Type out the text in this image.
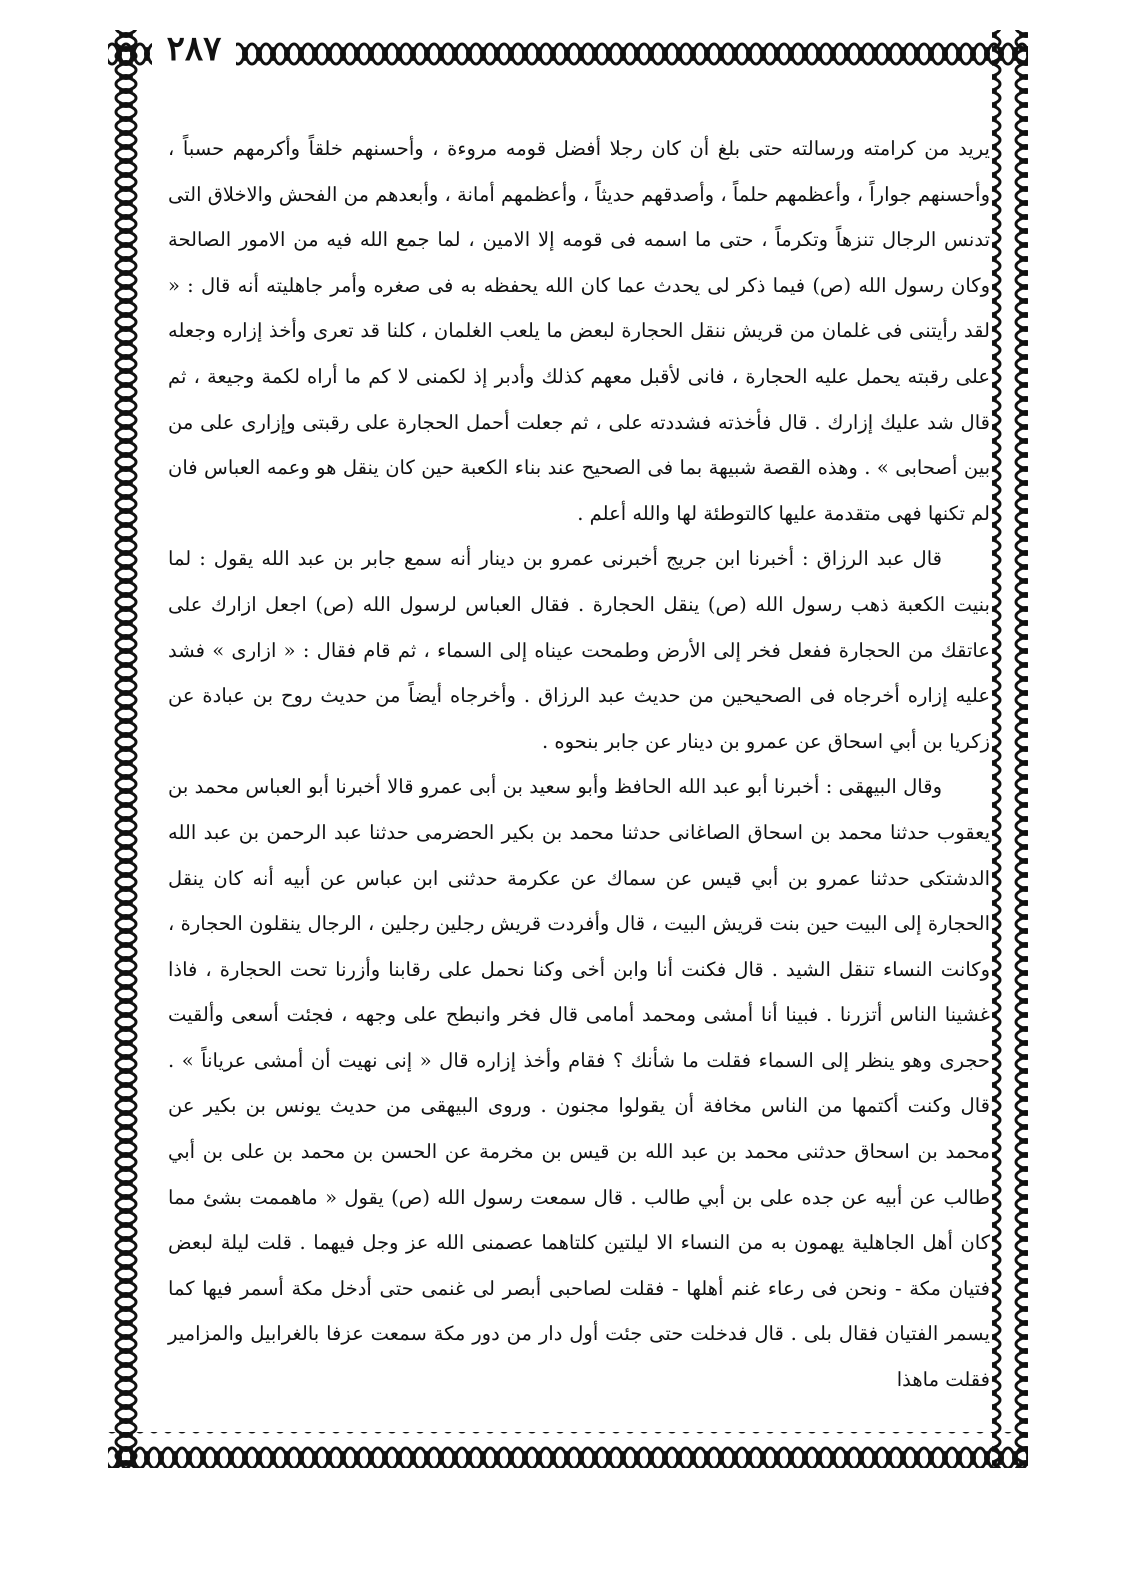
٢٨٧

يريد من كرامته ورسالته حتى بلغ أن كان رجلا أفضل قومه مروءة ، وأحسنهم خلقاً وأكرمهم حسباً ، وأحسنهم جواراً ، وأعظمهم حلماً ، وأصدقهم حديثاً ، وأعظمهم أمانة ، وأبعدهم من الفحش والاخلاق التى تدنس الرجال تنزهاً وتكرماً ، حتى ما اسمه فى قومه إلا الامين ، لما جمع الله فيه من الامور الصالحة وكان رسول الله (ص) فيما ذكر لى يحدث عما كان الله يحفظه به فى صغره وأمر جاهليته أنه قال : « لقد رأيتنى فى غلمان من قريش ننقل الحجارة لبعض ما يلعب الغلمان ، كلنا قد تعرى وأخذ إزاره وجعله على رقبته يحمل عليه الحجارة ، فانى لأقبل معهم كذلك وأدبر إذ لكمنى لا كم ما أراه لكمة وجيعة ، ثم قال شد عليك إزارك . قال فأخذته فشددته على ، ثم جعلت أحمل الحجارة على رقبتى وإزارى على من بين أصحابى » . وهذه القصة شبيهة بما فى الصحيح عند بناء الكعبة حين كان ينقل هو وعمه العباس فان لم تكنها فهى متقدمة عليها كالتوطئة لها والله أعلم .

قال عبد الرزاق : أخبرنا ابن جريج أخبرنى عمرو بن دينار أنه سمع جابر بن عبد الله يقول : لما بنيت الكعبة ذهب رسول الله (ص) ينقل الحجارة . فقال العباس لرسول الله (ص) اجعل ازارك على عاتقك من الحجارة ففعل فخر إلى الأرض وطمحت عيناه إلى السماء ، ثم قام فقال : « ازارى » فشد عليه إزاره أخرجاه فى الصحيحين من حديث عبد الرزاق . وأخرجاه أيضاً من حديث روح بن عبادة عن زكريا بن أبي اسحاق عن عمرو بن دينار عن جابر بنحوه .

وقال البيهقى : أخبرنا أبو عبد الله الحافظ وأبو سعيد بن أبى عمرو قالا أخبرنا أبو العباس محمد بن يعقوب حدثنا محمد بن اسحاق الصاغانى حدثنا محمد بن بكير الحضرمى حدثنا عبد الرحمن بن عبد الله الدشتكى حدثنا عمرو بن أبي قيس عن سماك عن عكرمة حدثنى ابن عباس عن أبيه أنه كان ينقل الحجارة إلى البيت حين بنت قريش البيت ، قال وأفردت قريش رجلين رجلين ، الرجال ينقلون الحجارة ، وكانت النساء تنقل الشيد . قال فكنت أنا وابن أخى وكنا نحمل على رقابنا وأزرنا تحت الحجارة ، فاذا غشينا الناس أتزرنا . فبينا أنا أمشى ومحمد أمامى قال فخر وانبطح على وجهه ، فجئت أسعى وألقيت حجرى وهو ينظر إلى السماء فقلت ما شأنك ؟ فقام وأخذ إزاره قال « إنى نهيت أن أمشى عرياناً » . قال وكنت أكتمها من الناس مخافة أن يقولوا مجنون . وروى البيهقى من حديث يونس بن بكير عن محمد بن اسحاق حدثنى محمد بن عبد الله بن قيس بن مخرمة عن الحسن بن محمد بن على بن أبي طالب عن أبيه عن جده على بن أبي طالب . قال سمعت رسول الله (ص) يقول « ماهممت بشئ مما كان أهل الجاهلية يهمون به من النساء الا ليلتين كلتاهما عصمنى الله عز وجل فيهما . قلت ليلة لبعض فتيان مكة - ونحن فى رعاء غنم أهلها - فقلت لصاحبى أبصر لى غنمى حتى أدخل مكة أسمر فيها كما يسمر الفتيان فقال بلى . قال فدخلت حتى جئت أول دار من دور مكة سمعت عزفا بالغرابيل والمزامير فقلت ماهذا
